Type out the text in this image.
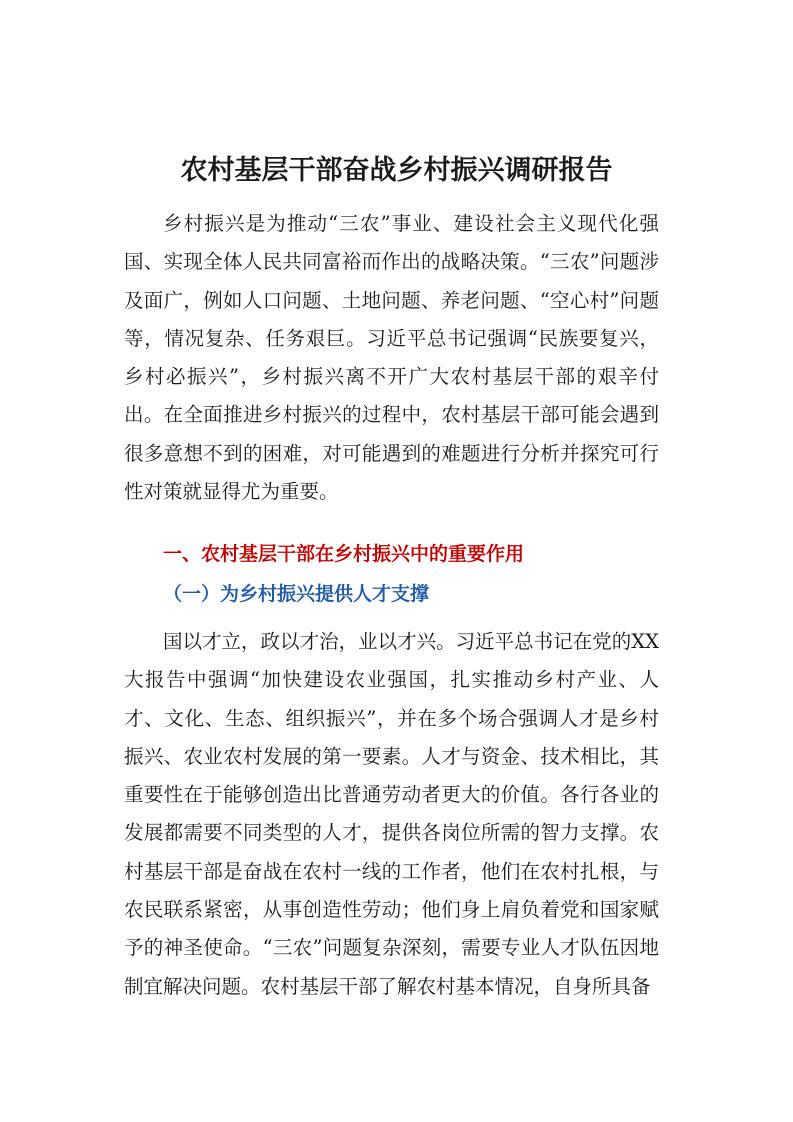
农村基层干部奋战乡村振兴调研报告

乡村振兴是为推动“三农”事业、建设社会主义现代化强国、实现全体人民共同富裕而作出的战略决策。“三农”问题涉及面广，例如人口问题、土地问题、养老问题、“空心村”问题等，情况复杂、任务艰巨。习近平总书记强调“民族要复兴，乡村必振兴”，乡村振兴离不开广大农村基层干部的艰辛付出。在全面推进乡村振兴的过程中，农村基层干部可能会遇到很多意想不到的困难，对可能遇到的难题进行分析并探究可行性对策就显得尤为重要。

一、农村基层干部在乡村振兴中的重要作用
（一）为乡村振兴提供人才支撑

国以才立，政以才治，业以才兴。习近平总书记在党的XX大报告中强调“加快建设农业强国，扎实推动乡村产业、人才、文化、生态、组织振兴”，并在多个场合强调人才是乡村振兴、农业农村发展的第一要素。人才与资金、技术相比，其重要性在于能够创造出比普通劳动者更大的价值。各行各业的发展都需要不同类型的人才，提供各岗位所需的智力支撑。农村基层干部是奋战在农村一线的工作者，他们在农村扎根，与农民联系紧密，从事创造性劳动；他们身上肩负着党和国家赋予的神圣使命。“三农”问题复杂深刻，需要专业人才队伍因地制宜解决问题。农村基层干部了解农村基本情况，自身所具备
